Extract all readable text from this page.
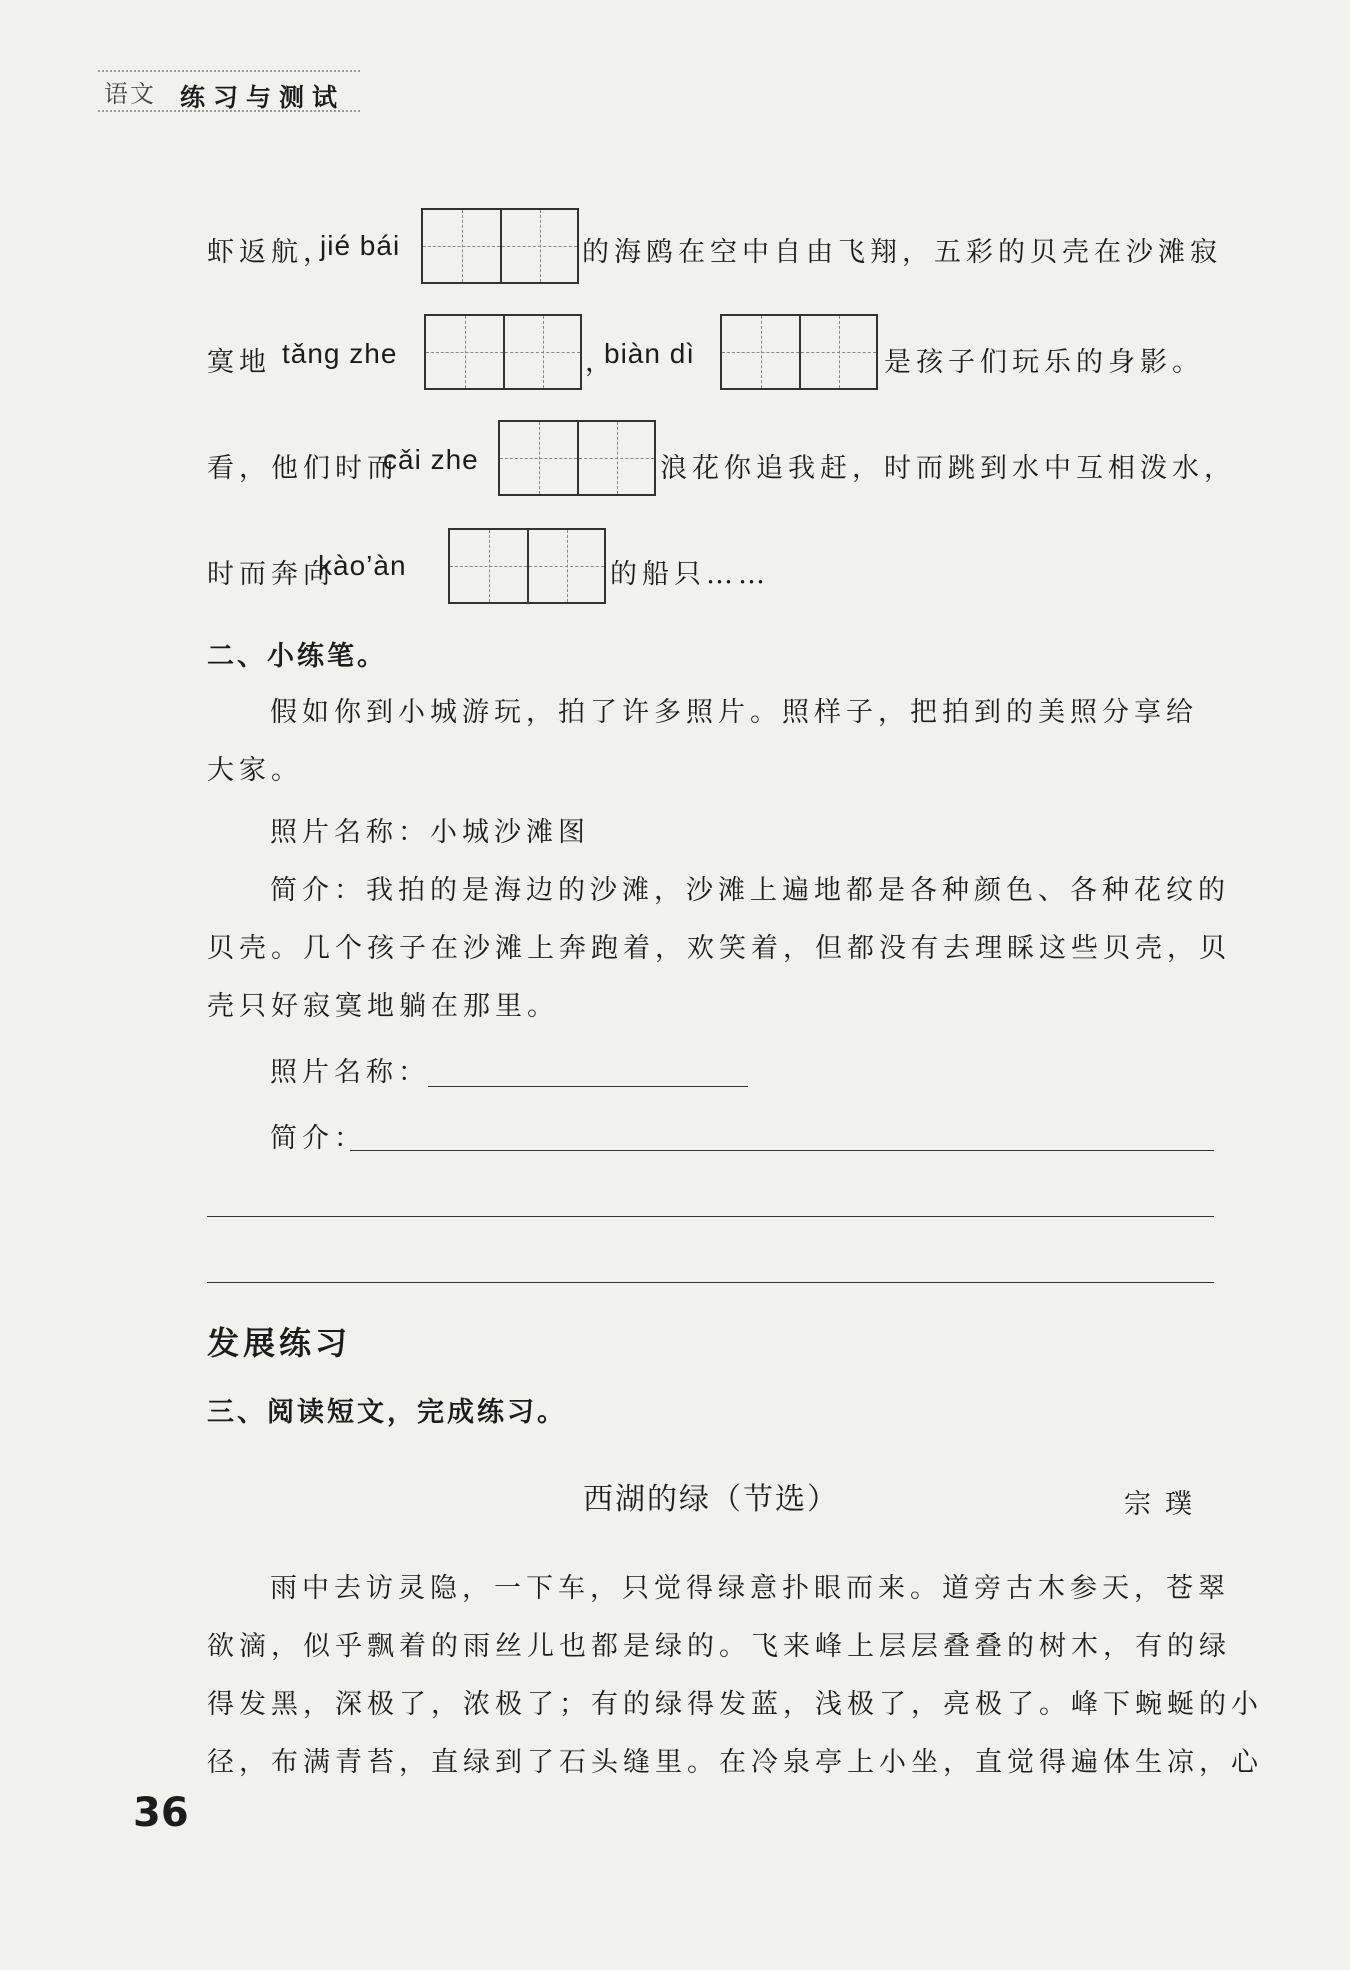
语文 练习与测试
虾返航，
jié bái	的海鸥在空中自由飞翔，五彩的贝壳在沙滩寂
寞地 tǎng zhe	，
biàn dì	是孩子们玩乐的身影。
看，他们时而
cǎi zhe	浪花你追我赶，时而跳到水中互相泼水，
时而奔向
kào’àn	的船只……
二、小练笔。
假如你到小城游玩，拍了许多照片。照样子，把拍到的美照分享给
大家。
照片名称：小城沙滩图
简介：我拍的是海边的沙滩，沙滩上遍地都是各种颜色、各种花纹的
贝壳。几个孩子在沙滩上奔跑着，欢笑着，但都没有去理睬这些贝壳，贝
壳只好寂寞地躺在那里。
照片名称：
简介：
发展练习
三、阅读短文，完成练习。
西湖的绿（节选）	宗璞
雨中去访灵隐，一下车，只觉得绿意扑眼而来。道旁古木参天，苍翠
欲滴，似乎飘着的雨丝儿也都是绿的。飞来峰上层层叠叠的树木，有的绿
得发黑，深极了，浓极了；有的绿得发蓝，浅极了，亮极了。峰下蜿蜒的小
径，布满青苔，直绿到了石头缝里。在冷泉亭上小坐，直觉得遍体生凉，心
36
